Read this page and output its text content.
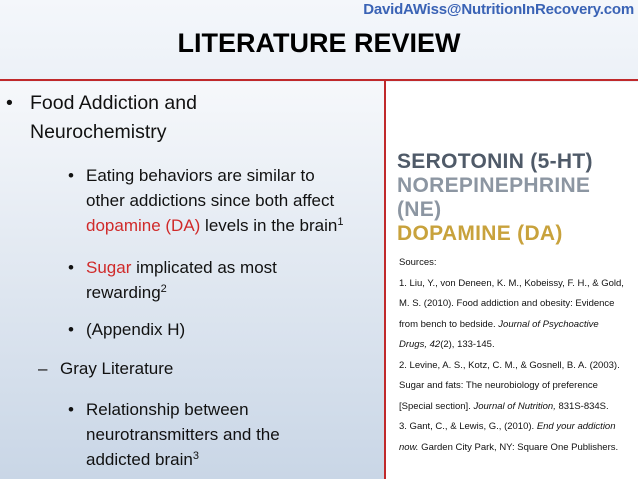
DavidAWiss@NutritionInRecovery.com
LITERATURE REVIEW
• Food Addiction and
Neurochemistry
• Eating behaviors are similar to
other addictions since both affect
dopamine (DA) levels in the brain$^1$
• Sugar implicated as most
rewarding$^2$
• (Appendix H)
– Gray Literature
• Relationship between
neurotransmitters and the
addicted brain$^3$
SEROTONIN (5-HT)
NOREPINEPHRINE (NE)
DOPAMINE (DA)
Sources:
1. Liu, Y., von Deneen, K. M., Kobeissy, F. H., & Gold,
M. S. (2010). Food addiction and obesity: Evidence
from bench to bedside. Journal of Psychoactive
Drugs, 42(2), 133-145.
2. Levine, A. S., Kotz, C. M., & Gosnell, B. A. (2003).
Sugar and fats: The neurobiology of preference
[Special section]. Journal of Nutrition, 831S-834S.
3. Gant, C., & Lewis, G., (2010). End your addiction
now. Garden City Park, NY: Square One Publishers.
